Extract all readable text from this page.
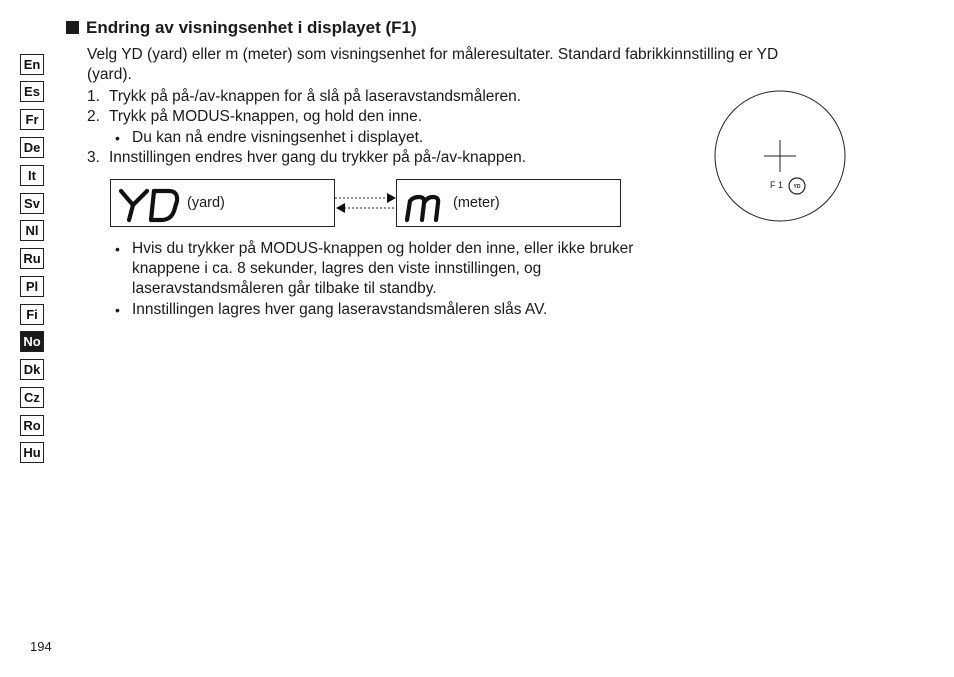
En
Es
Fr
De
It
Sv
Nl
Ru
Pl
Fi
No
Dk
Cz
Ro
Hu
Endring av visningsenhet i displayet (F1)
Velg YD (yard) eller m (meter) som visningsenhet for måleresultater. Standard fabrikkinnstilling er YD
(yard).
1. Trykk på på-/av-knappen for å slå på laseravstandsmåleren.
2. Trykk på MODUS-knappen, og hold den inne.
• Du kan nå endre visningsenhet i displayet.
3. Innstillingen endres hver gang du trykker på på-/av-knappen.
(yard)	(meter)
• Hvis du trykker på MODUS-knappen og holder den inne, eller ikke bruker
knappene i ca. 8 sekunder, lagres den viste innstillingen, og
laseravstandsmåleren går tilbake til standby.
• Innstillingen lagres hver gang laseravstandsmåleren slås AV.
F 1 YD
194
